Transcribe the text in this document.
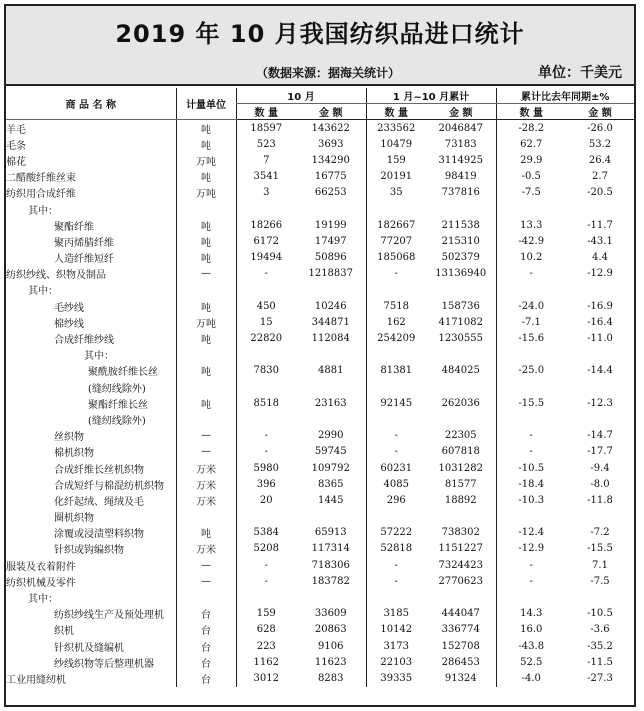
2019 年 10 月我国纺织品进口统计
（数据来源：据海关统计）	单位：千美元
商 品 名 称	计量单位	10 月		1 月~10 月累计		累计比去年同期±%	
		数 量	金 额	数 量	金 额	数 量	金 额
羊毛	吨	18597	143622	233562	2046847	-28.2	-26.0
毛条	吨	523	3693	10479	73183	62.7	53.2
棉花	万吨	7	134290	159	3114925	29.9	26.4
二醋酸纤维丝束	吨	3541	16775	20191	98419	-0.5	2.7
纺织用合成纤维	万吨	3	66253	35	737816	-7.5	-20.5
其中：							
聚酯纤维	吨	18266	19199	182667	211538	13.3	-11.7
聚丙烯腈纤维	吨	6172	17497	77207	215310	-42.9	-43.1
人造纤维短纤	吨	19494	50896	185068	502379	10.2	4.4
纺织纱线、织物及制品	—	-	1218837	-	13136940	-	-12.9
其中：							
毛纱线	吨	450	10246	7518	158736	-24.0	-16.9
棉纱线	万吨	15	344871	162	4171082	-7.1	-16.4
合成纤维纱线	吨	22820	112084	254209	1230555	-15.6	-11.0
其中：							
聚酰胺纤维长丝	吨	7830	4881	81381	484025	-25.0	-14.4
(缝纫线除外)							
聚酯纤维长丝	吨	8518	23163	92145	262036	-15.5	-12.3
(缝纫线除外)							
丝织物	—	-	2990	-	22305	-	-14.7
棉机织物	—	-	59745	-	607818	-	-17.7
合成纤维长丝机织物	万米	5980	109792	60231	1031282	-10.5	-9.4
合成短纤与棉混纺机织物	万米	396	8365	4085	81577	-18.4	-8.0
化纤起绒、绳绒及毛	万米	20	1445	296	18892	-10.3	-11.8
圈机织物							
涂覆或浸渍塑料织物	吨	5384	65913	57222	738302	-12.4	-7.2
针织或钩编织物	万米	5208	117314	52818	1151227	-12.9	-15.5
服装及衣着附件	—	-	718306	-	7324423	-	7.1
纺织机械及零件	—	-	183782	-	2770623	-	-7.5
其中：							
纺织纱线生产及预处理机	台	159	33609	3185	444047	14.3	-10.5
织机	台	628	20863	10142	336774	16.0	-3.6
针织机及缝编机	台	223	9106	3173	152708	-43.8	-35.2
纱线织物等后整理机器	台	1162	11623	22103	286453	52.5	-11.5
工业用缝纫机	台	3012	8283	39335	91324	-4.0	-27.3
